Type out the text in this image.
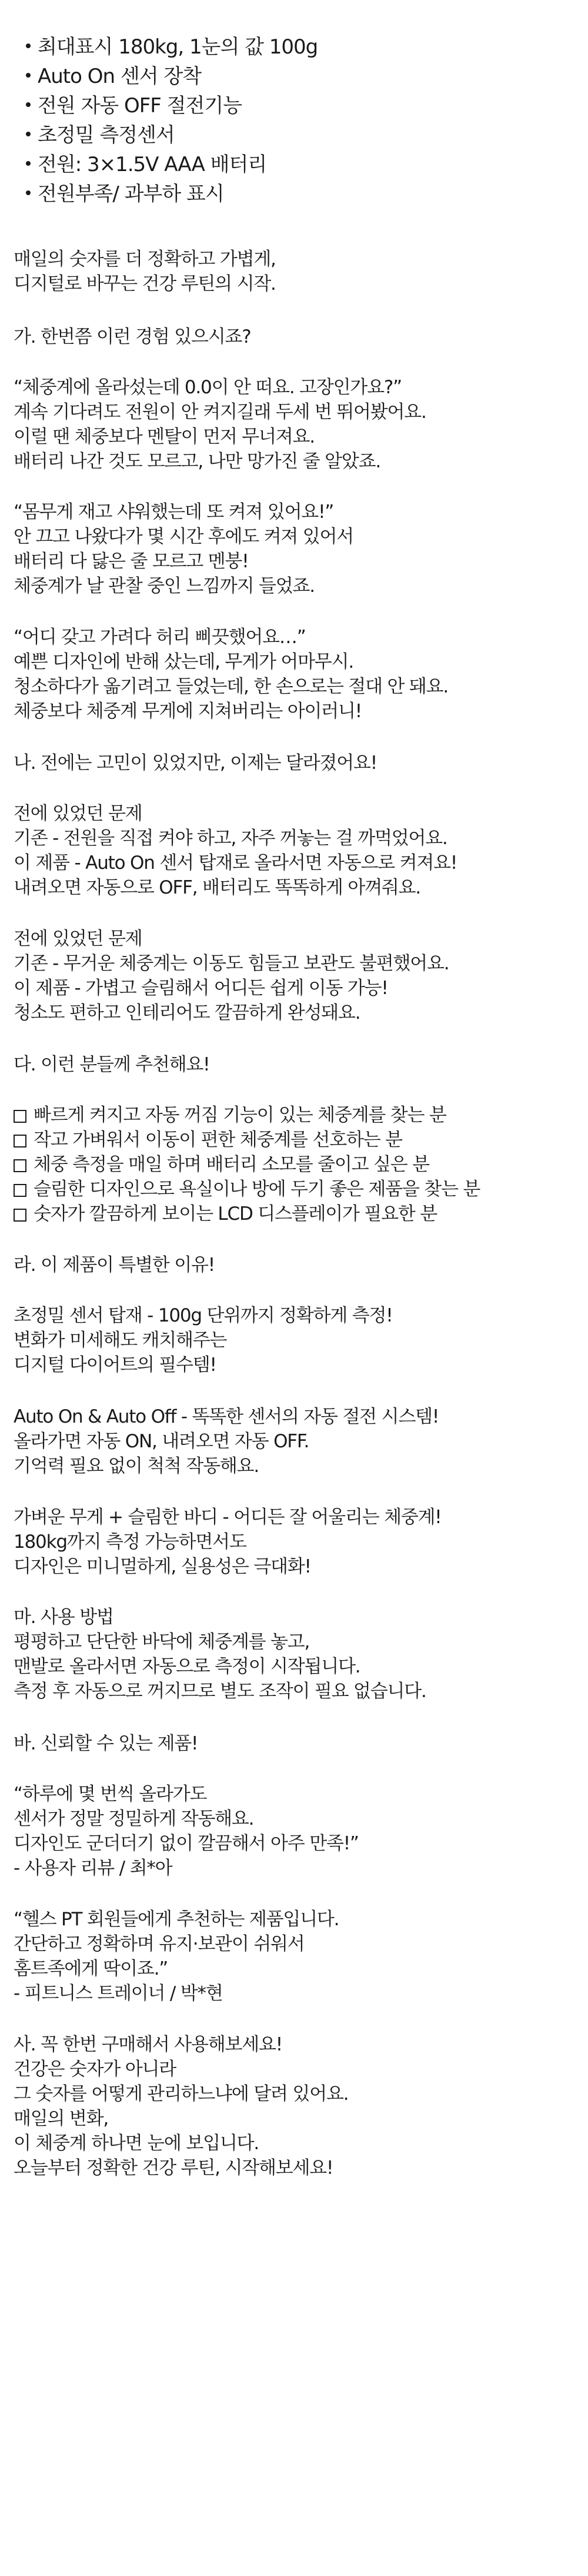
최대표시 180kg, 1눈의 값 100g
Auto On 센서 장착
전원 자동 OFF 절전기능
초정밀 측정센서
전원: 3×1.5V AAA 배터리
전원부족/ 과부하 표시
매일의 숫자를 더 정확하고 가볍게,
디지털로 바꾸는 건강 루틴의 시작.
가. 한번쯤 이런 경험 있으시죠?
“체중계에 올라섰는데 0.0이 안 떠요. 고장인가요?”
계속 기다려도 전원이 안 켜지길래 두세 번 뛰어봤어요.
이럴 땐 체중보다 멘탈이 먼저 무너져요.
배터리 나간 것도 모르고, 나만 망가진 줄 알았죠.
“몸무게 재고 샤워했는데 또 켜져 있어요!”
안 끄고 나왔다가 몇 시간 후에도 켜져 있어서
배터리 다 닳은 줄 모르고 멘붕!
체중계가 날 관찰 중인 느낌까지 들었죠.
“어디 갖고 가려다 허리 삐끗했어요…”
예쁜 디자인에 반해 샀는데, 무게가 어마무시.
청소하다가 옮기려고 들었는데, 한 손으로는 절대 안 돼요.
체중보다 체중계 무게에 지쳐버리는 아이러니!
나. 전에는 고민이 있었지만, 이제는 달라졌어요!
전에 있었던 문제
기존 - 전원을 직접 켜야 하고, 자주 꺼놓는 걸 까먹었어요.
이 제품 - Auto On 센서 탑재로 올라서면 자동으로 켜져요!
내려오면 자동으로 OFF, 배터리도 똑똑하게 아껴줘요.
전에 있었던 문제
기존 - 무거운 체중계는 이동도 힘들고 보관도 불편했어요.
이 제품 - 가볍고 슬림해서 어디든 쉽게 이동 가능!
청소도 편하고 인테리어도 깔끔하게 완성돼요.
다. 이런 분들께 추천해요!
빠르게 켜지고 자동 꺼짐 기능이 있는 체중계를 찾는 분
작고 가벼워서 이동이 편한 체중계를 선호하는 분
체중 측정을 매일 하며 배터리 소모를 줄이고 싶은 분
슬림한 디자인으로 욕실이나 방에 두기 좋은 제품을 찾는 분
숫자가 깔끔하게 보이는 LCD 디스플레이가 필요한 분
라. 이 제품이 특별한 이유!
초정밀 센서 탑재 - 100g 단위까지 정확하게 측정!
변화가 미세해도 캐치해주는
디지털 다이어트의 필수템!
Auto On & Auto Off - 똑똑한 센서의 자동 절전 시스템!
올라가면 자동 ON, 내려오면 자동 OFF.
기억력 필요 없이 척척 작동해요.
가벼운 무게 + 슬림한 바디 - 어디든 잘 어울리는 체중계!
180kg까지 측정 가능하면서도
디자인은 미니멀하게, 실용성은 극대화!
마. 사용 방법
평평하고 단단한 바닥에 체중계를 놓고,
맨발로 올라서면 자동으로 측정이 시작됩니다.
측정 후 자동으로 꺼지므로 별도 조작이 필요 없습니다.
바. 신뢰할 수 있는 제품!
“하루에 몇 번씩 올라가도
센서가 정말 정밀하게 작동해요.
디자인도 군더더기 없이 깔끔해서 아주 만족!”
- 사용자 리뷰 / 최*아
“헬스 PT 회원들에게 추천하는 제품입니다.
간단하고 정확하며 유지·보관이 쉬워서
홈트족에게 딱이죠.”
- 피트니스 트레이너 / 박*현
사. 꼭 한번 구매해서 사용해보세요!
건강은 숫자가 아니라
그 숫자를 어떻게 관리하느냐에 달려 있어요.
매일의 변화,
이 체중계 하나면 눈에 보입니다.
오늘부터 정확한 건강 루틴, 시작해보세요!
